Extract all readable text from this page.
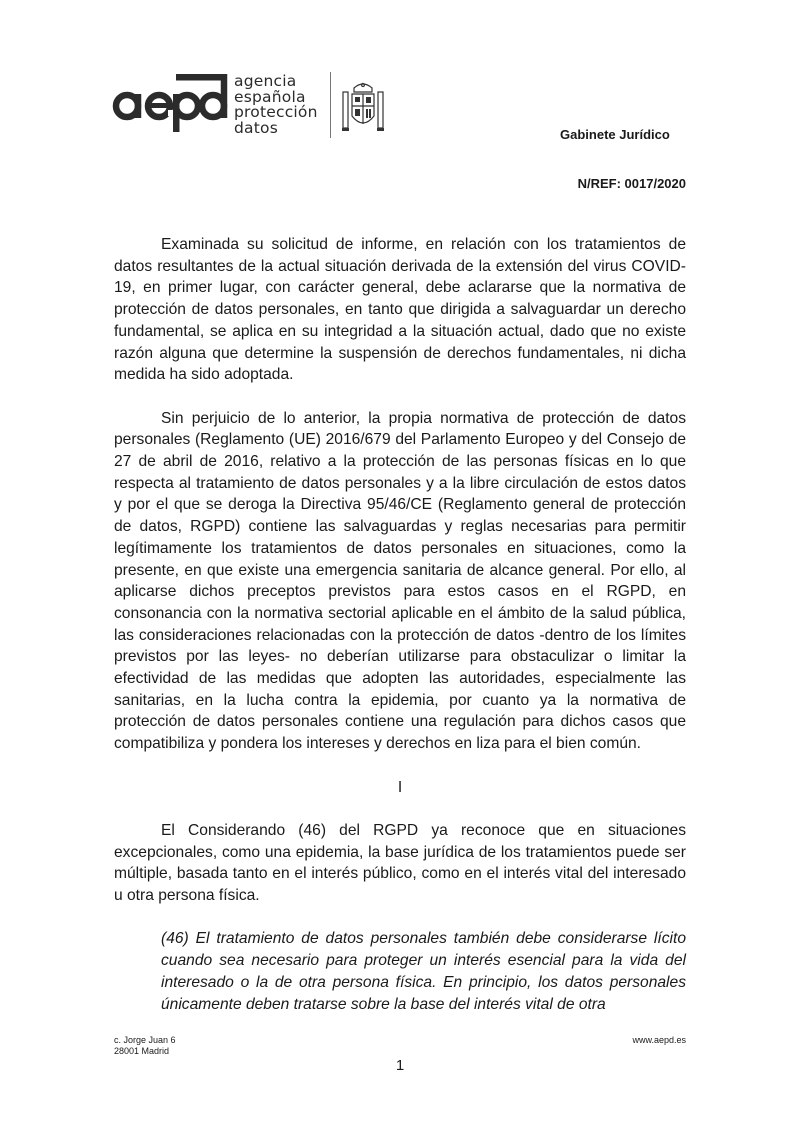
agencia
española
protección
datos	Gabinete Jurídico
N/REF: 0017/2020

Examinada su solicitud de informe, en relación con los tratamientos de datos resultantes de la actual situación derivada de la extensión del virus COVID-19, en primer lugar, con carácter general, debe aclararse que la normativa de protección de datos personales, en tanto que dirigida a salvaguardar un derecho fundamental, se aplica en su integridad a la situación actual, dado que no existe razón alguna que determine la suspensión de derechos fundamentales, ni dicha medida ha sido adoptada.

Sin perjuicio de lo anterior, la propia normativa de protección de datos personales (Reglamento (UE) 2016/679 del Parlamento Europeo y del Consejo de 27 de abril de 2016, relativo a la protección de las personas físicas en lo que respecta al tratamiento de datos personales y a la libre circulación de estos datos y por el que se deroga la Directiva 95/46/CE (Reglamento general de protección de datos, RGPD) contiene las salvaguardas y reglas necesarias para permitir legítimamente los tratamientos de datos personales en situaciones, como la presente, en que existe una emergencia sanitaria de alcance general. Por ello, al aplicarse dichos preceptos previstos para estos casos en el RGPD, en consonancia con la normativa sectorial aplicable en el ámbito de la salud pública, las consideraciones relacionadas con la protección de datos -dentro de los límites previstos por las leyes- no deberían utilizarse para obstaculizar o limitar la efectividad de las medidas que adopten las autoridades, especialmente las sanitarias, en la lucha contra la epidemia, por cuanto ya la normativa de protección de datos personales contiene una regulación para dichos casos que compatibiliza y pondera los intereses y derechos en liza para el bien común.

I

El Considerando (46) del RGPD ya reconoce que en situaciones excepcionales, como una epidemia, la base jurídica de los tratamientos puede ser múltiple, basada tanto en el interés público, como en el interés vital del interesado u otra persona física.

(46) El tratamiento de datos personales también debe considerarse lícito cuando sea necesario para proteger un interés esencial para la vida del interesado o la de otra persona física. En principio, los datos personales únicamente deben tratarse sobre la base del interés vital de otra

c. Jorge Juan 6
28001 Madrid
www.aepd.es
1
